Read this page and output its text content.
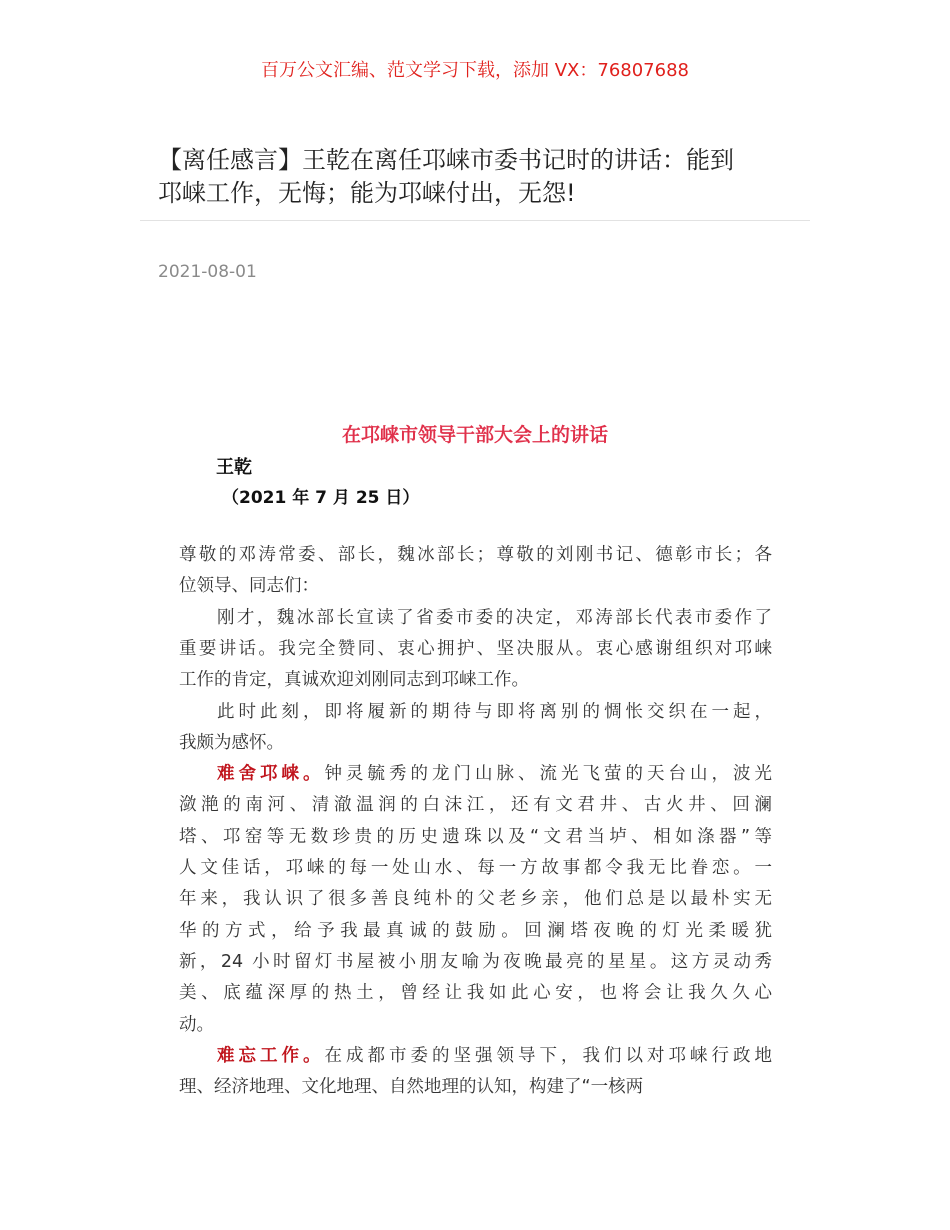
百万公文汇编、范文学习下载，添加 VX：76807688
【离任感言】王乾在离任邛崃市委书记时的讲话：能到
邛崃工作，无悔；能为邛崃付出，无怨!
2021-08-01
在邛崃市领导干部大会上的讲话
王乾
（2021 年 7 月 25 日）
尊敬的邓涛常委、部长，魏冰部长；尊敬的刘刚书记、德彰市长；各
位领导、同志们：
刚才，魏冰部长宣读了省委市委的决定，邓涛部长代表市委作了
重要讲话。我完全赞同、衷心拥护、坚决服从。衷心感谢组织对邛崃
工作的肯定，真诚欢迎刘刚同志到邛崃工作。
此时此刻，即将履新的期待与即将离别的惆怅交织在一起，
我颇为感怀。
难舍邛崃。钟灵毓秀的龙门山脉、流光飞萤的天台山，波光
潋滟的南河、清澈温润的白沫江，还有文君井、古火井、回澜
塔、邛窑等无数珍贵的历史遗珠以及“文君当垆、相如涤器”等
人文佳话，邛崃的每一处山水、每一方故事都令我无比眷恋。一
年来，我认识了很多善良纯朴的父老乡亲，他们总是以最朴实无
华的方式，给予我最真诚的鼓励。回澜塔夜晚的灯光柔暖犹
新，24 小时留灯书屋被小朋友喻为夜晚最亮的星星。这方灵动秀
美、底蕴深厚的热土，曾经让我如此心安，也将会让我久久心
动。
难忘工作。在成都市委的坚强领导下，我们以对邛崃行政地
理、经济地理、文化地理、自然地理的认知，构建了“一核两
